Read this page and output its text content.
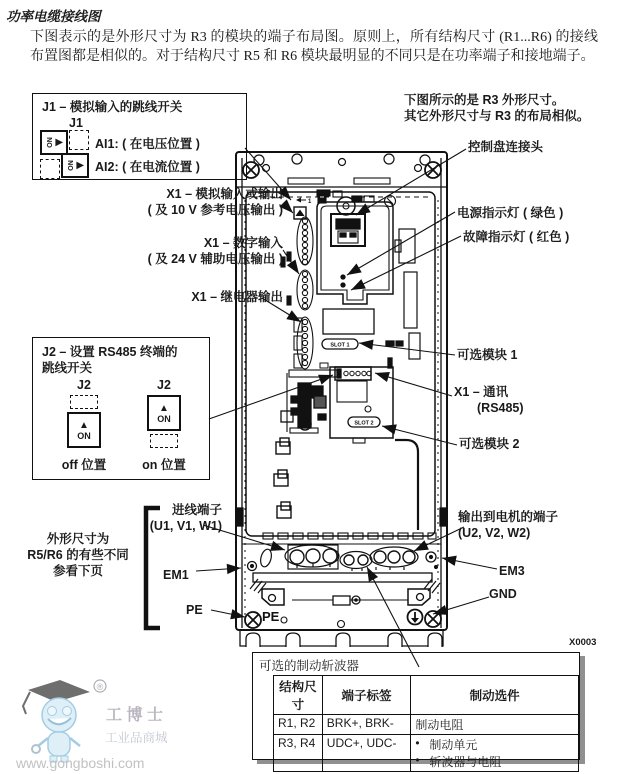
功率电缆接线图
下图表示的是外形尺寸为 R3 的模块的端子布局图。原则上，所有结构尺寸 (R1...R6) 的接线布置图都是相似的。对于结构尺寸 R5 和 R6 模块最明显的不同只是在功率端子和接地端子。
1
SLOT 1
SLOT 2
PE
J1 – 模拟输入的跳线开关
J1
ON ▶	AI1: ( 在电压位置 )
ON ▶ AI2: ( 在电流位置 )
下图所示的是 R3 外形尺寸。
其它外形尺寸与 R3 的布局相似。
控制盘连接头
X1 – 模拟输入或输出
( 及 10 V 参考电压输出 )
X1 – 数字输入
( 及 24 V 辅助电压输出 )
X1 – 继电器输出
电源指示灯 ( 绿色 )
故障指示灯 ( 红色 )
可选模块 1
X1 – 通讯
(RS485)
可选模块 2
外形尺寸为
R5/R6 的有些不同
参看下页
进线端子
(U1, V1, W1)
输出到电机的端子
(U2, V2, W2)
EM1	EM3
PE
GND
X0003
J2 – 设置 RS485 终端的
跳线开关
J2
▲
ON
off 位置
J2
▲
ON
on 位置
可选的制动斩波器
结构尺寸	端子标签	制动选件
R1, R2	BRK+, BRK-	制动电阻
R3, R4	UDC+, UDC-	• 制动单元
• 斩波器与电阻
®
工 博 士
工业品商城
www.gongboshi.com
